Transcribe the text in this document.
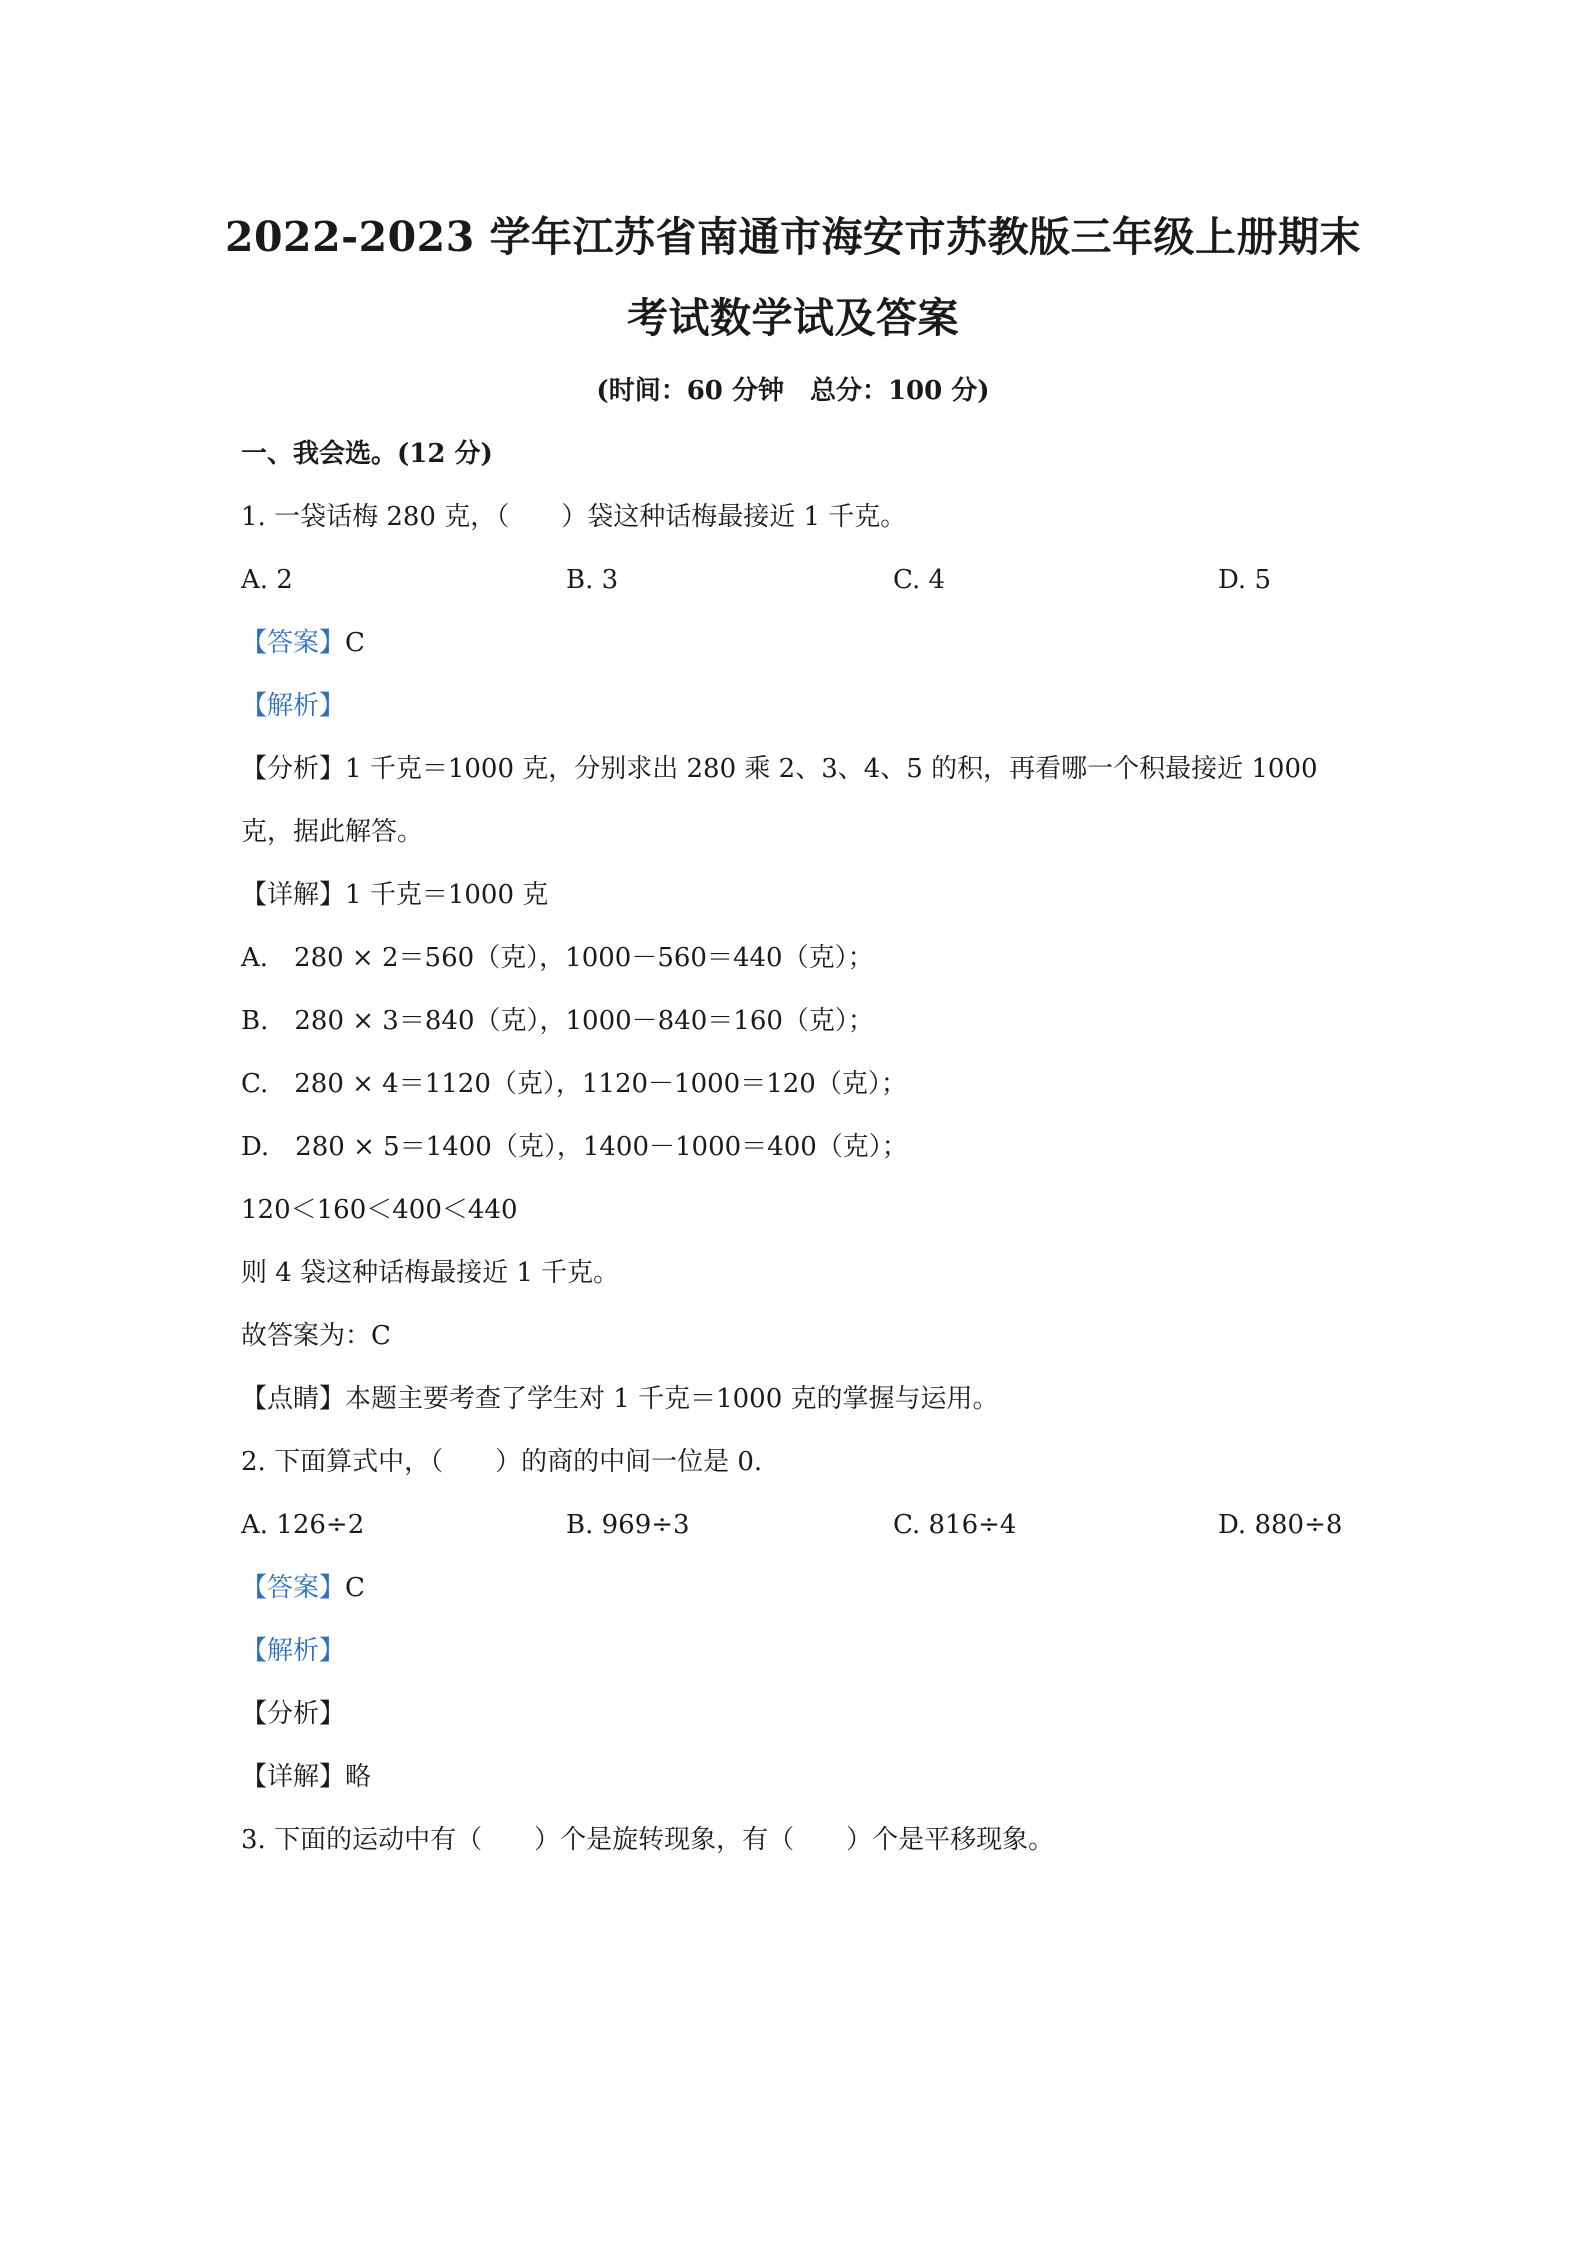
2022-2023 学年江苏省南通市海安市苏教版三年级上册期末
考试数学试及答案
(时间：60 分钟　总分：100 分)
一、我会选。(12 分)
1. 一袋话梅 280 克，（　　）袋这种话梅最接近 1 千克。
A. 2	B. 3	C. 4	D. 5
【答案】C
【解析】
【分析】1 千克＝1000 克，分别求出 280 乘 2、3、4、5 的积，再看哪一个积最接近 1000
克，据此解答。
【详解】1 千克＝1000 克
A.　280 × 2＝560（克），1000－560＝440（克）；
B.　280 × 3＝840（克），1000－840＝160（克）；
C.　280 × 4＝1120（克），1120－1000＝120（克）；
D.　280 × 5＝1400（克），1400－1000＝400（克）；
120＜160＜400＜440
则 4 袋这种话梅最接近 1 千克。
故答案为：C
【点睛】本题主要考查了学生对 1 千克＝1000 克的掌握与运用。
2. 下面算式中，（　　）的商的中间一位是 0.
A. 126÷2	B. 969÷3	C. 816÷4	D. 880÷8
【答案】C
【解析】
【分析】
【详解】略
3. 下面的运动中有（　　）个是旋转现象，有（　　）个是平移现象。
